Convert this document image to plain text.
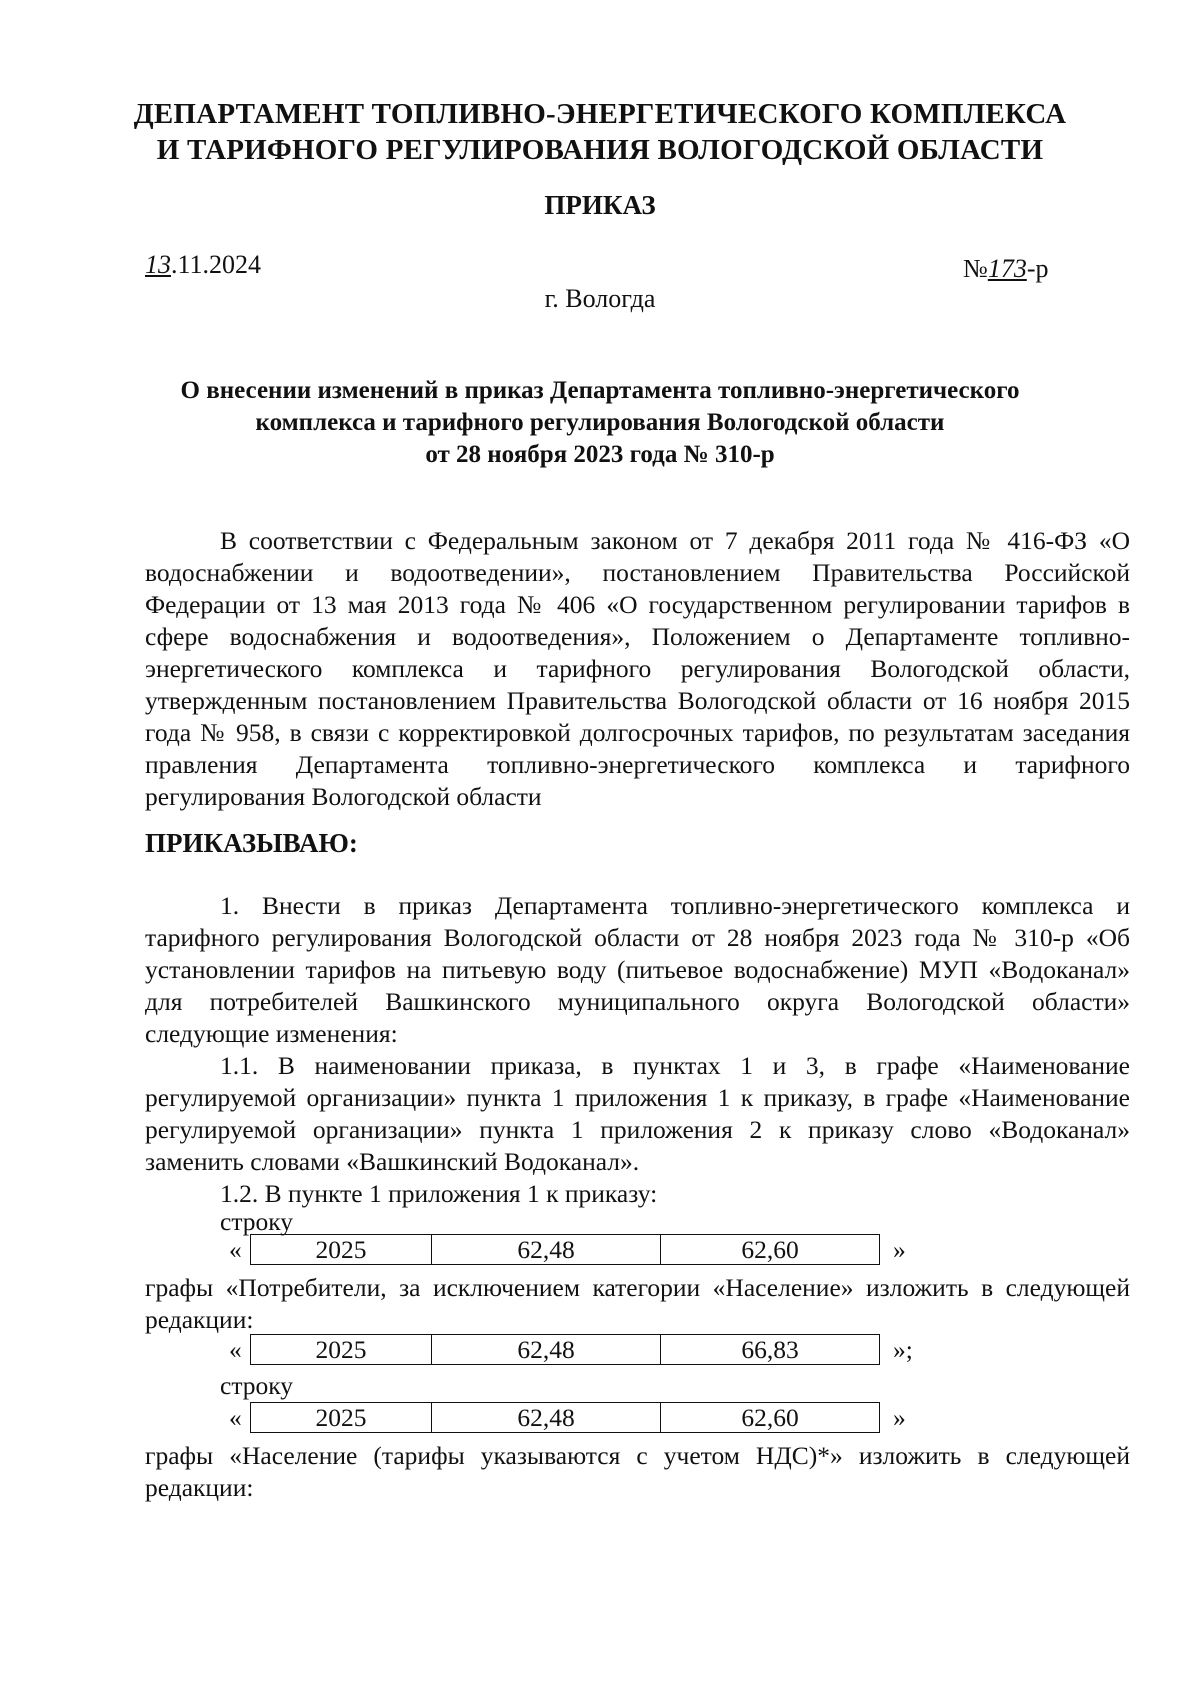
ДЕПАРТАМЕНТ ТОПЛИВНО-ЭНЕРГЕТИЧЕСКОГО КОМПЛЕКСА
И ТАРИФНОГО РЕГУЛИРОВАНИЯ ВОЛОГОДСКОЙ ОБЛАСТИ
ПРИКАЗ
13.11.2024	№173-р
г. Вологда
О внесении изменений в приказ Департамента топливно-энергетического
комплекса и тарифного регулирования Вологодской области
от 28 ноября 2023 года № 310-р
В соответствии с Федеральным законом от 7 декабря 2011 года № 416-ФЗ «О водоснабжении и водоотведении», постановлением Правительства Российской Федерации от 13 мая 2013 года № 406 «О государственном регулировании тарифов в сфере водоснабжения и водоотведения», Положением о Департаменте топливно-энергетического комплекса и тарифного регулирования Вологодской области, утвержденным постановлением Правительства Вологодской области от 16 ноября 2015 года № 958, в связи с корректировкой долгосрочных тарифов, по результатам заседания правления Департамента топливно-энергетического комплекса и тарифного регулирования Вологодской области
ПРИКАЗЫВАЮ:
1. Внести в приказ Департамента топливно-энергетического комплекса и тарифного регулирования Вологодской области от 28 ноября 2023 года № 310-р «Об установлении тарифов на питьевую воду (питьевое водоснабжение) МУП «Водоканал» для потребителей Вашкинского муниципального округа Вологодской области» следующие изменения:
1.1. В наименовании приказа, в пунктах 1 и 3, в графе «Наименование регулируемой организации» пункта 1 приложения 1 к приказу, в графе «Наименование регулируемой организации» пункта 1 приложения 2 к приказу слово «Водоканал» заменить словами «Вашкинский Водоканал».
1.2. В пункте 1 приложения 1 к приказу:
строку
«	2025	62,48	62,60	»
графы «Потребители, за исключением категории «Население» изложить в следующей редакции:
«	2025	62,48	66,83	»;
строку
«	2025	62,48	62,60	»
графы «Население (тарифы указываются с учетом НДС)*» изложить в следующей редакции:
